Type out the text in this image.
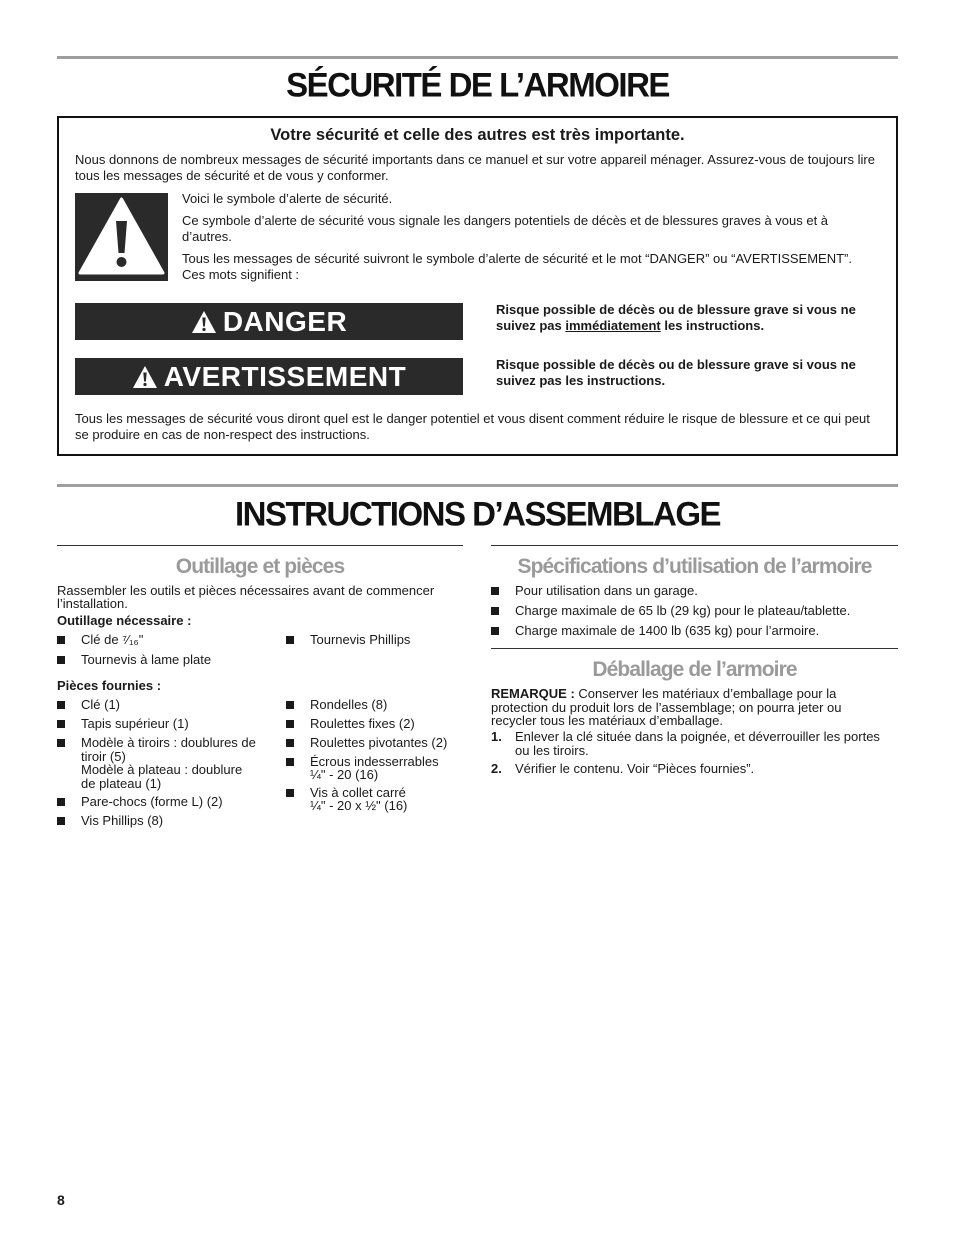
SÉCURITÉ DE L’ARMOIRE
Votre sécurité et celle des autres est très importante.

Nous donnons de nombreux messages de sécurité importants dans ce manuel et sur votre appareil ménager. Assurez-vous de toujours lire tous les messages de sécurité et de vous y conformer.

Voici le symbole d’alerte de sécurité.

Ce symbole d’alerte de sécurité vous signale les dangers potentiels de décès et de blessures graves à vous et à d’autres.

Tous les messages de sécurité suivront le symbole d’alerte de sécurité et le mot “DANGER” ou “AVERTISSEMENT”. Ces mots signifient :

DANGER	Risque possible de décès ou de blessure grave si vous ne suivez pas immédiatement les instructions.

AVERTISSEMENT	Risque possible de décès ou de blessure grave si vous ne suivez pas les instructions.

Tous les messages de sécurité vous diront quel est le danger potentiel et vous disent comment réduire le risque de blessure et ce qui peut se produire en cas de non-respect des instructions.

INSTRUCTIONS D’ASSEMBLAGE
Outillage et pièces

Rassembler les outils et pièces nécessaires avant de commencer l’installation.

Outillage nécessaire :
Clé de ⁷⁄₁₆"
Tournevis à lame plate
Tournevis Phillips
Pièces fournies :
Clé (1)
Tapis supérieur (1)
Modèle à tiroirs : doublures de tiroir (5)
Modèle à plateau : doublure de plateau (1)
Pare-chocs (forme L) (2)
Vis Phillips (8)
Rondelles (8)
Roulettes fixes (2)
Roulettes pivotantes (2)
Écrous indesserrables
¼" - 20 (16)
Vis à collet carré
¼" - 20 x ½" (16)
Spécifications d’utilisation de l’armoire
Pour utilisation dans un garage.
Charge maximale de 65 lb (29 kg) pour le plateau/tablette.
Charge maximale de 1400 lb (635 kg) pour l’armoire.
Déballage de l’armoire

REMARQUE : Conserver les matériaux d’emballage pour la protection du produit lors de l’assemblage; on pourra jeter ou recycler tous les matériaux d’emballage.

1. Enlever la clé située dans la poignée, et déverrouiller les portes ou les tiroirs.
2. Vérifier le contenu. Voir “Pièces fournies”.
8
